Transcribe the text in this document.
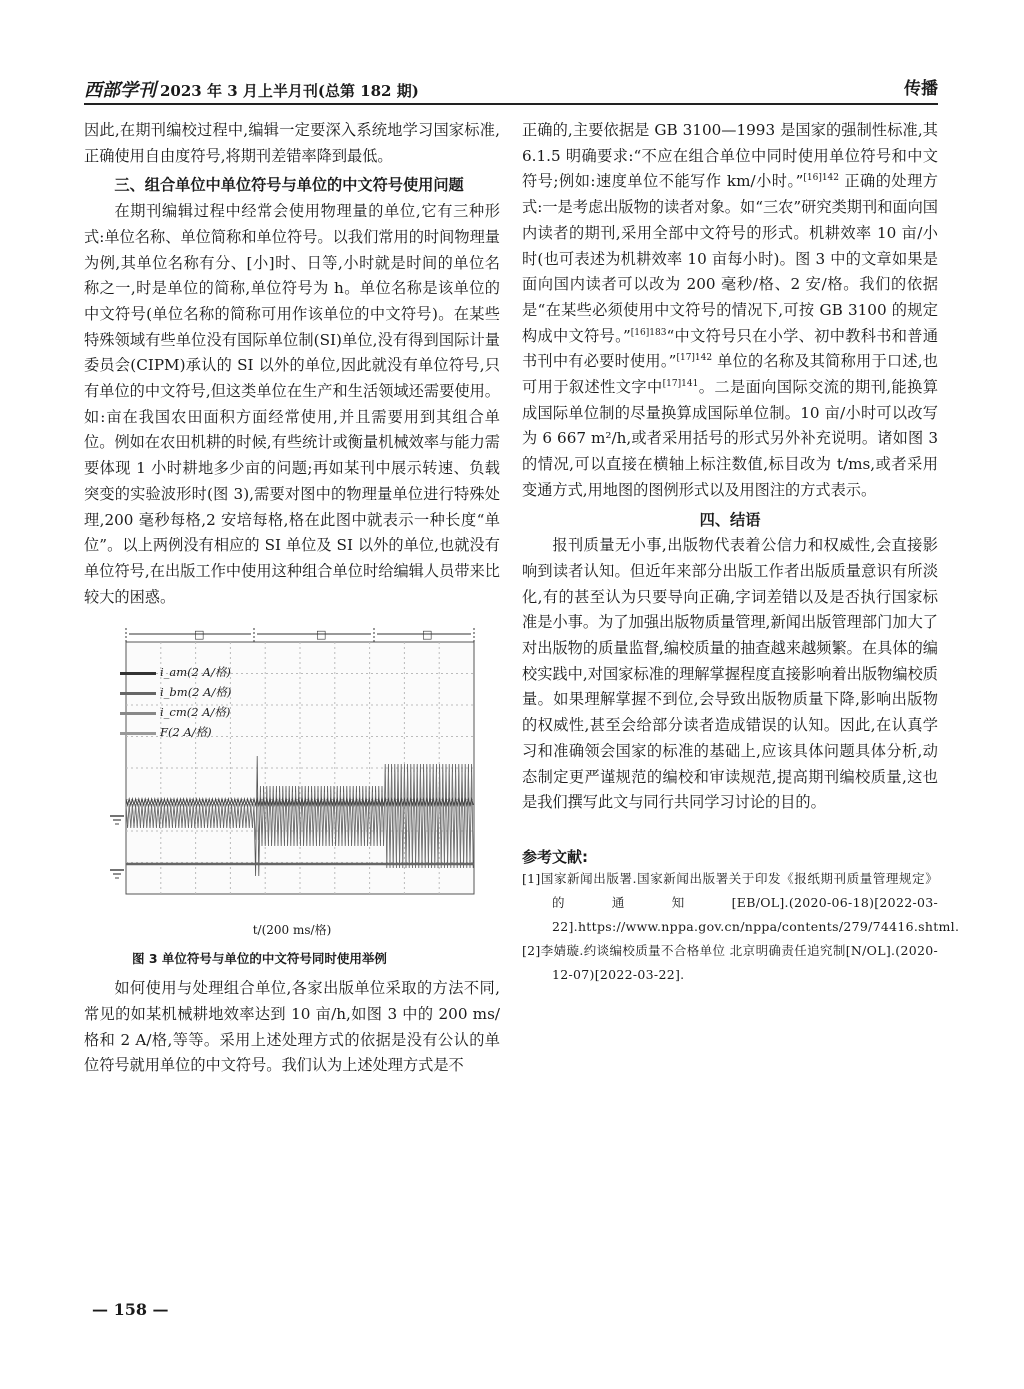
西部学刊 2023 年 3 月上半月刊(总第 182 期)	传播

因此,在期刊编校过程中,编辑一定要深入系统地学习国家标准,正确使用自由度符号,将期刊差错率降到最低。

三、组合单位中单位符号与单位的中文符号使用问题

在期刊编辑过程中经常会使用物理量的单位,它有三种形式:单位名称、单位简称和单位符号。以我们常用的时间物理量为例,其单位名称有分、[小]时、日等,小时就是时间的单位名称之一,时是单位的简称,单位符号为 h。单位名称是该单位的中文符号(单位名称的简称可用作该单位的中文符号)。在某些特殊领域有些单位没有国际单位制(SI)单位,没有得到国际计量委员会(CIPM)承认的 SI 以外的单位,因此就没有单位符号,只有单位的中文符号,但这类单位在生产和生活领域还需要使用。如:亩在我国农田面积方面经常使用,并且需要用到其组合单位。例如在农田机耕的时候,有些统计或衡量机械效率与能力需要体现 1 小时耕地多少亩的问题;再如某刊中展示转速、负载突变的实验波形时(图 3),需要对图中的物理量单位进行特殊处理,200 毫秒每格,2 安培每格,格在此图中就表示一种长度“单位”。以上两例没有相应的 SI 单位及 SI 以外的单位,也就没有单位符号,在出版工作中使用这种组合单位时给编辑人员带来比较大的困惑。

□	□	□
i_am(2 A/格)
i_bm(2 A/格)
i_cm(2 A/格)
F(2 A/格)
t/(200 ms/格)
图 3 单位符号与单位的中文符号同时使用举例

如何使用与处理组合单位,各家出版单位采取的方法不同,常见的如某机械耕地效率达到 10 亩/h,如图 3 中的 200 ms/格和 2 A/格,等等。采用上述处理方式的依据是没有公认的单位符号就用单位的中文符号。我们认为上述处理方式是不

正确的,主要依据是 GB 3100—1993 是国家的强制性标准,其 6.1.5 明确要求:“不应在组合单位中同时使用单位符号和中文符号;例如:速度单位不能写作 km/小时。”$^{[16]142}$ 正确的处理方式:一是考虑出版物的读者对象。如“三农”研究类期刊和面向国内读者的期刊,采用全部中文符号的形式。机耕效率 10 亩/小时(也可表述为机耕效率 10 亩每小时)。图 3 中的文章如果是面向国内读者可以改为 200 毫秒/格、2 安/格。我们的依据是“在某些必须使用中文符号的情况下,可按 GB 3100 的规定构成中文符号。”$^{[16]183}$“中文符号只在小学、初中教科书和普通书刊中有必要时使用。”$^{[17]142}$ 单位的名称及其简称用于口述,也可用于叙述性文字中$^{[17]141}$。二是面向国际交流的期刊,能换算成国际单位制的尽量换算成国际单位制。10 亩/小时可以改写为 6 667 m²/h,或者采用括号的形式另外补充说明。诸如图 3 的情况,可以直接在横轴上标注数值,标目改为 t/ms,或者采用变通方式,用地图的图例形式以及用图注的方式表示。

四、结语

报刊质量无小事,出版物代表着公信力和权威性,会直接影响到读者认知。但近年来部分出版工作者出版质量意识有所淡化,有的甚至认为只要导向正确,字词差错以及是否执行国家标准是小事。为了加强出版物质量管理,新闻出版管理部门加大了对出版物的质量监督,编校质量的抽查越来越频繁。在具体的编校实践中,对国家标准的理解掌握程度直接影响着出版物编校质量。如果理解掌握不到位,会导致出版物质量下降,影响出版物的权威性,甚至会给部分读者造成错误的认知。因此,在认真学习和准确领会国家的标准的基础上,应该具体问题具体分析,动态制定更严谨规范的编校和审读规范,提高期刊编校质量,这也是我们撰写此文与同行共同学习讨论的目的。

参考文献:
[1]国家新闻出版署.国家新闻出版署关于印发《报纸期刊质量管理规定》的通知[EB/OL].(2020-06-18)[2022-03-22].https://www.nppa.gov.cn/nppa/contents/279/74416.shtml.
[2]李婧璇.约谈编校质量不合格单位 北京明确责任追究制[N/OL].(2020-12-07)[2022-03-22].
— 158 —
